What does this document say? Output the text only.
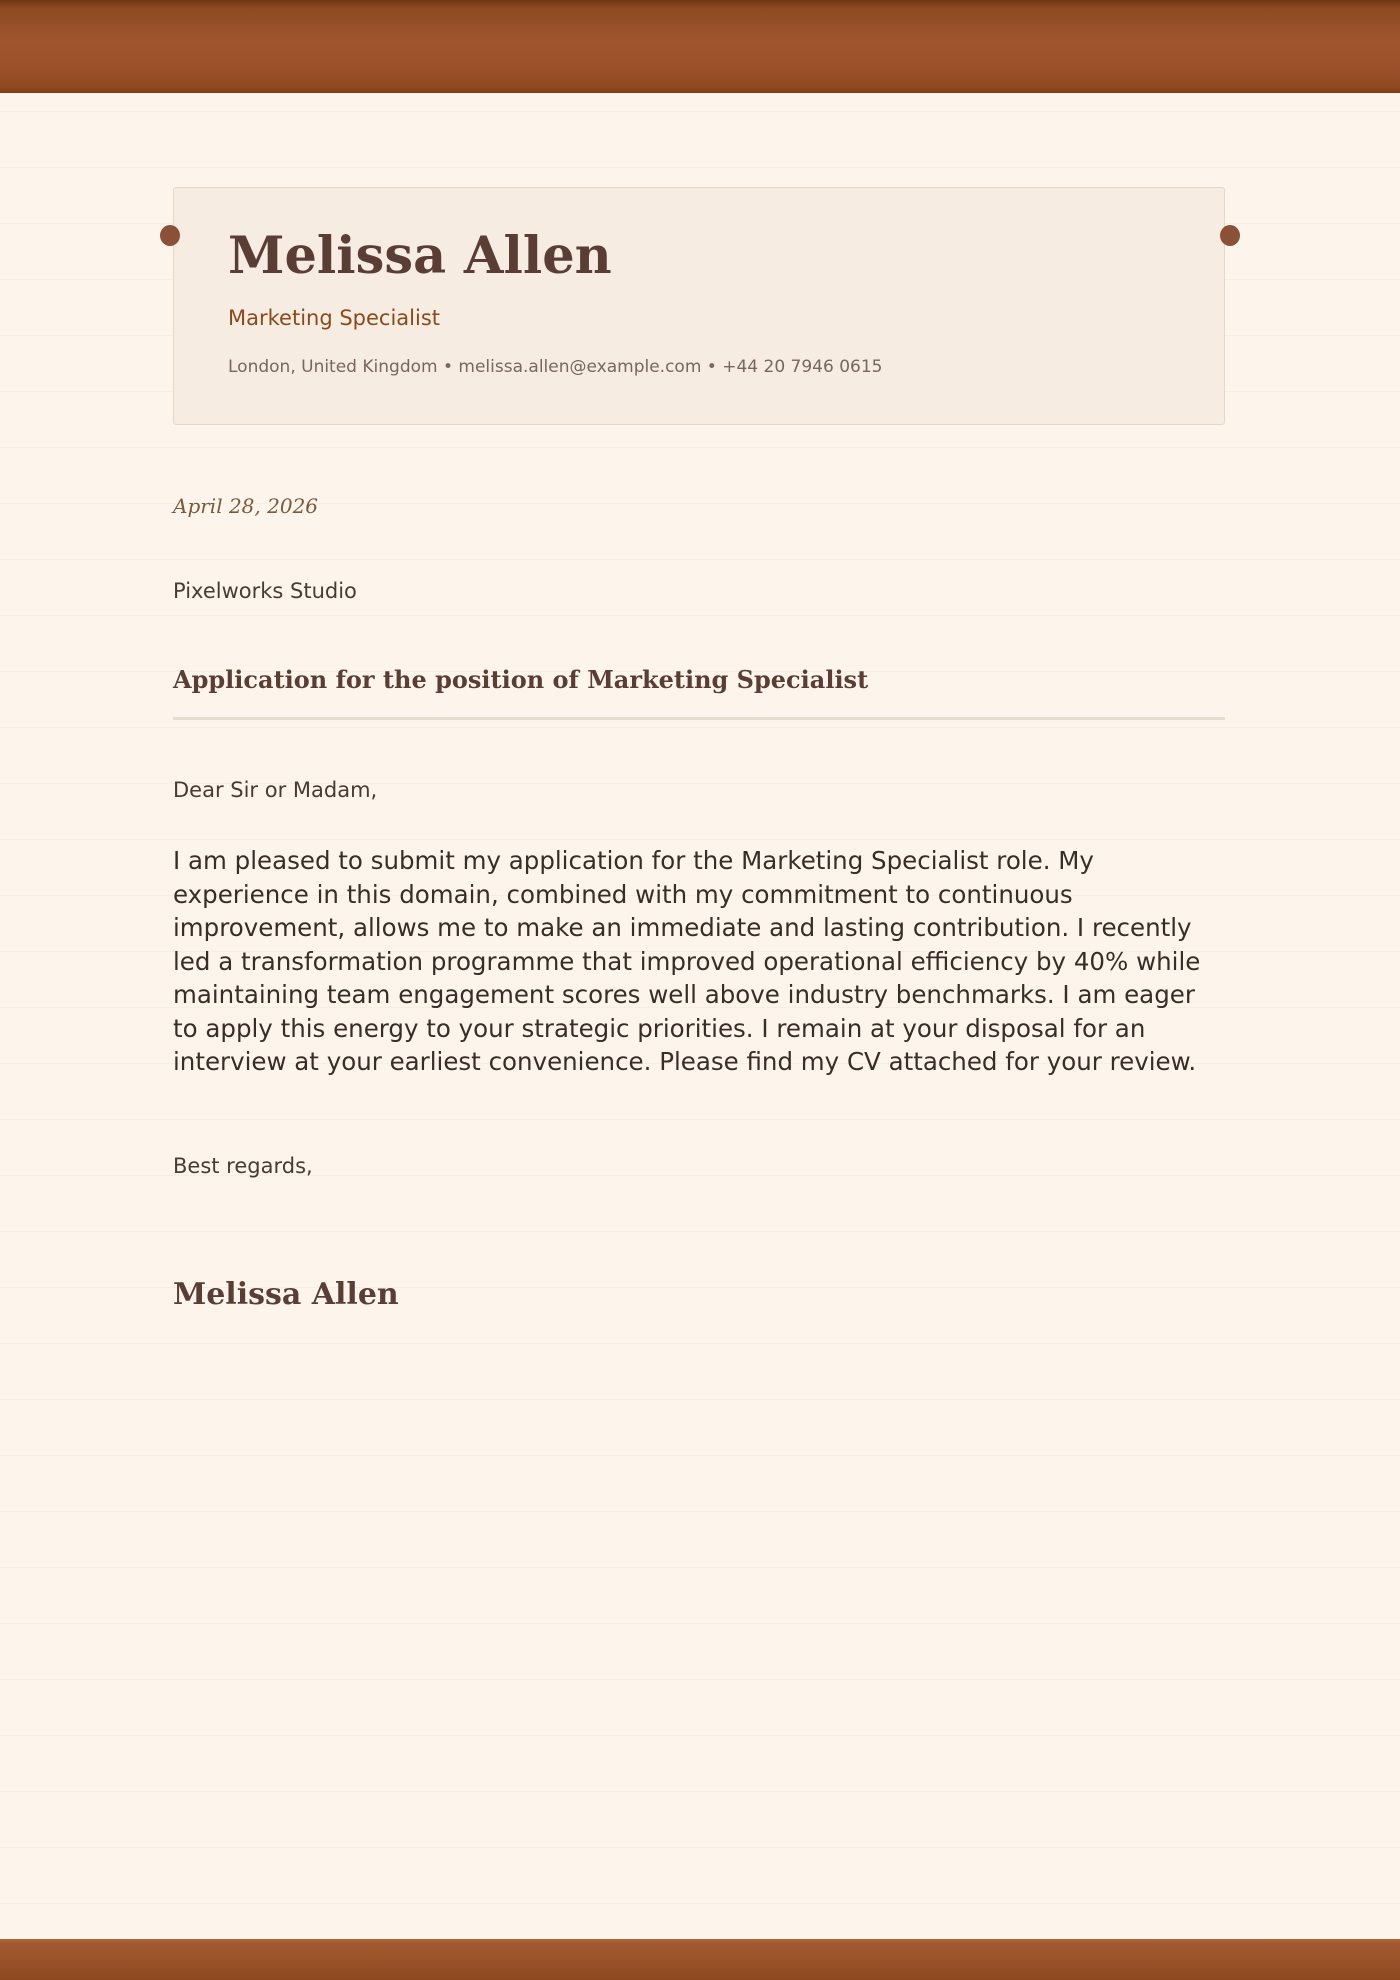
Melissa Allen
Marketing Specialist
London, United Kingdom • melissa.allen@example.com • +44 20 7946 0615
April 28, 2026
Pixelworks Studio
Application for the position of Marketing Specialist
Dear Sir or Madam,

I am pleased to submit my application for the Marketing Specialist role. My experience in this domain, combined with my commitment to continuous improvement, allows me to make an immediate and lasting contribution. I recently led a transformation programme that improved operational efficiency by 40% while maintaining team engagement scores well above industry benchmarks. I am eager to apply this energy to your strategic priorities. I remain at your disposal for an interview at your earliest convenience. Please find my CV attached for your review.

Best regards,
Melissa Allen
